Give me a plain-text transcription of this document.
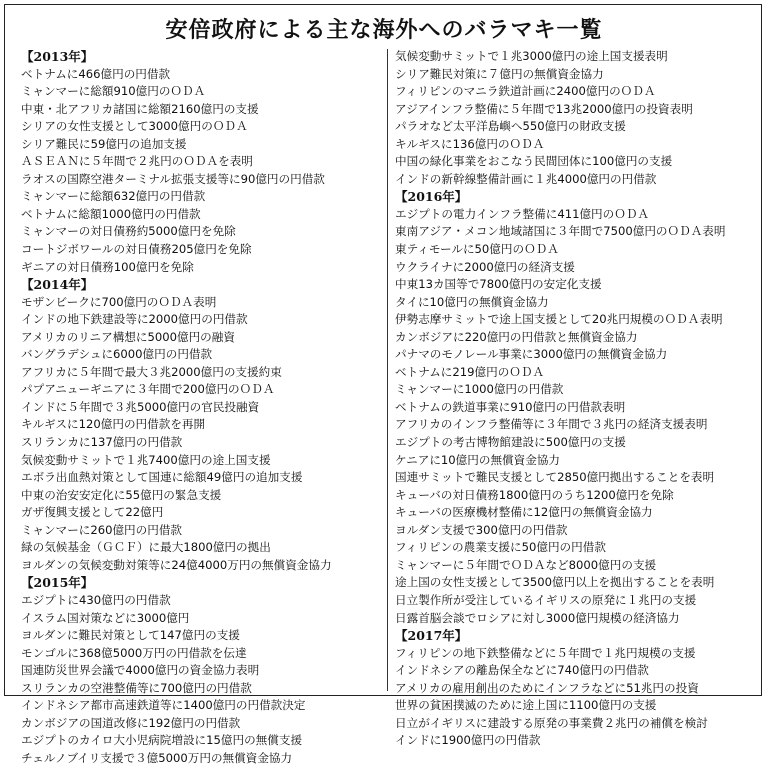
安倍政府による主な海外へのバラマキ一覧
【2013年】
ベトナムに466億円の円借款
ミャンマーに総額910億円のＯＤＡ
中東・北アフリカ諸国に総額2160億円の支援
シリアの女性支援として3000億円のＯＤＡ
シリア難民に59億円の追加支援
ＡＳＥＡＮに５年間で２兆円のＯＤＡを表明
ラオスの国際空港ターミナル拡張支援等に90億円の円借款
ミャンマーに総額632億円の円借款
ベトナムに総額1000億円の円借款
ミャンマーの対日債務約5000億円を免除
コートジボワールの対日債務205億円を免除
ギニアの対日債務100億円を免除
【2014年】
モザンビークに700億円のＯＤＡ表明
インドの地下鉄建設等に2000億円の円借款
アメリカのリニア構想に5000億円の融資
バングラデシュに6000億円の円借款
アフリカに５年間で最大３兆2000億円の支援約束
パプアニューギニアに３年間で200億円のＯＤＡ
インドに５年間で３兆5000億円の官民投融資
キルギスに120億円の円借款を再開
スリランカに137億円の円借款
気候変動サミットで１兆7400億円の途上国支援
エボラ出血熱対策として国連に総額49億円の追加支援
中東の治安安定化に55億円の緊急支援
ガザ復興支援として22億円
ミャンマーに260億円の円借款
緑の気候基金（ＧＣＦ）に最大1800億円の拠出
ヨルダンの気候変動対策等に24億4000万円の無償資金協力
【2015年】
エジプトに430億円の円借款
イスラム国対策などに3000億円
ヨルダンに難民対策として147億円の支援
モンゴルに368億5000万円の円借款を伝達
国連防災世界会議で4000億円の資金協力表明
スリランカの空港整備等に700億円の円借款
インドネシア都市高速鉄道等に1400億円の円借款決定
カンボジアの国道改修に192億円の円借款
エジプトのカイロ大小児病院増設に15億円の無償支援
チェルノブイリ支援で３億5000万円の無償資金協力
気候変動サミットで１兆3000億円の途上国支援表明
シリア難民対策に７億円の無償資金協力
フィリピンのマニラ鉄道計画に2400億円のＯＤＡ
アジアインフラ整備に５年間で13兆2000億円の投資表明
パラオなど太平洋島嶼へ550億円の財政支援
キルギスに136億円のＯＤＡ
中国の緑化事業をおこなう民間団体に100億円の支援
インドの新幹線整備計画に１兆4000億円の円借款
【2016年】
エジプトの電力インフラ整備に411億円のＯＤＡ
東南アジア・メコン地域諸国に３年間で7500億円のＯＤＡ表明
東ティモールに50億円のＯＤＡ
ウクライナに2000億円の経済支援
中東13カ国等で7800億円の安定化支援
タイに10億円の無償資金協力
伊勢志摩サミットで途上国支援として20兆円規模のＯＤＡ表明
カンボジアに220億円の円借款と無償資金協力
パナマのモノレール事業に3000億円の無償資金協力
ベトナムに219億円のＯＤＡ
ミャンマーに1000億円の円借款
ベトナムの鉄道事業に910億円の円借款表明
アフリカのインフラ整備等に３年間で３兆円の経済支援表明
エジプトの考古博物館建設に500億円の支援
ケニアに10億円の無償資金協力
国連サミットで難民支援として2850億円拠出することを表明
キューバの対日債務1800億円のうち1200億円を免除
キューバの医療機材整備に12億円の無償資金協力
ヨルダン支援で300億円の円借款
フィリピンの農業支援に50億円の円借款
ミャンマーに５年間でＯＤＡなど8000億円の支援
途上国の女性支援として3500億円以上を拠出することを表明
日立製作所が受注しているイギリスの原発に１兆円の支援
日露首脳会談でロシアに対し3000億円規模の経済協力
【2017年】
フィリピンの地下鉄整備などに５年間で１兆円規模の支援
インドネシアの離島保全などに740億円の円借款
アメリカの雇用創出のためにインフラなどに51兆円の投資
世界の貧困撲滅のために途上国に1100億円の支援
日立がイギリスに建設する原発の事業費２兆円の補償を検討
インドに1900億円の円借款
